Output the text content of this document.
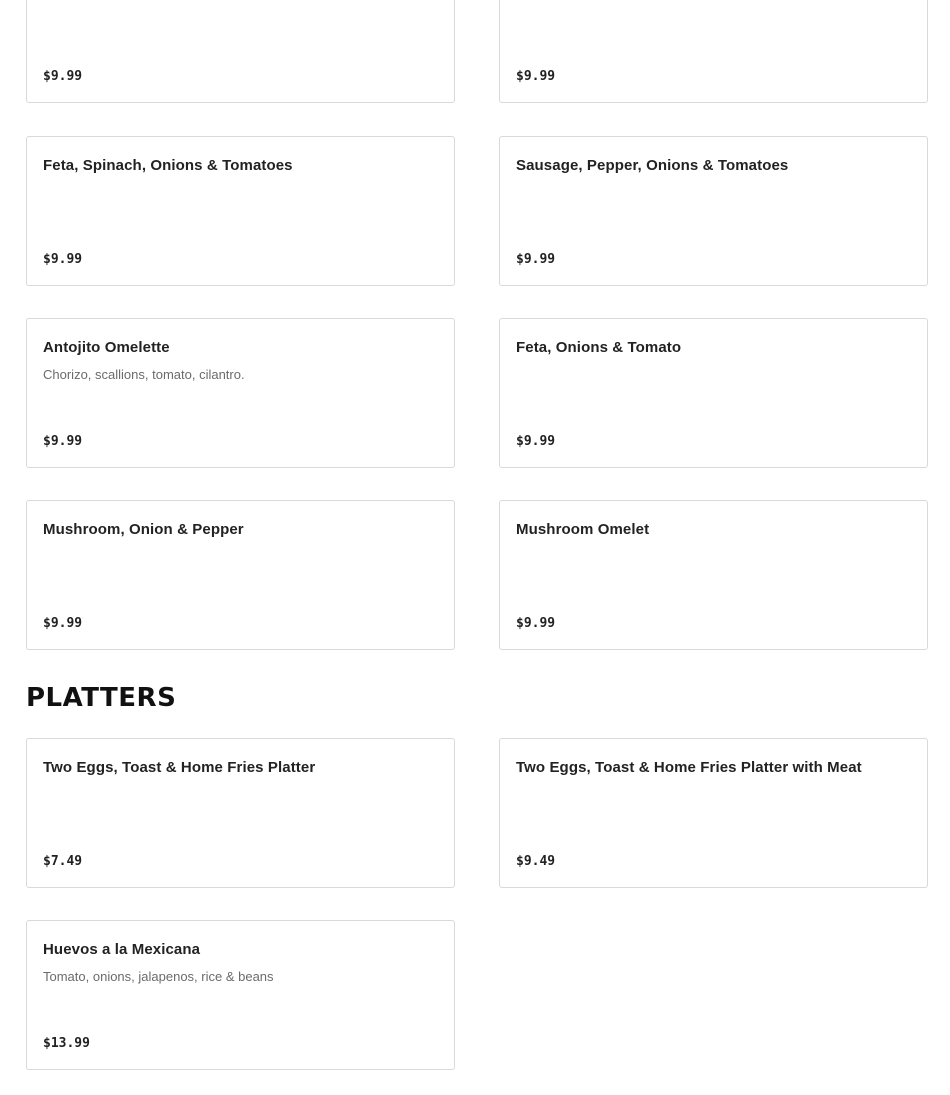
$9.99	$9.99
Feta, Spinach, Onions & Tomatoes
$9.99
Sausage, Pepper, Onions & Tomatoes
$9.99
Antojito Omelette
Chorizo, scallions, tomato, cilantro.
$9.99
Feta, Onions & Tomato
$9.99
Mushroom, Onion & Pepper
$9.99
Mushroom Omelet
$9.99
PLATTERS
Two Eggs, Toast & Home Fries Platter
$7.49
Two Eggs, Toast & Home Fries Platter with Meat
$9.49
Huevos a la Mexicana
Tomato, onions, jalapenos, rice & beans
$13.99
